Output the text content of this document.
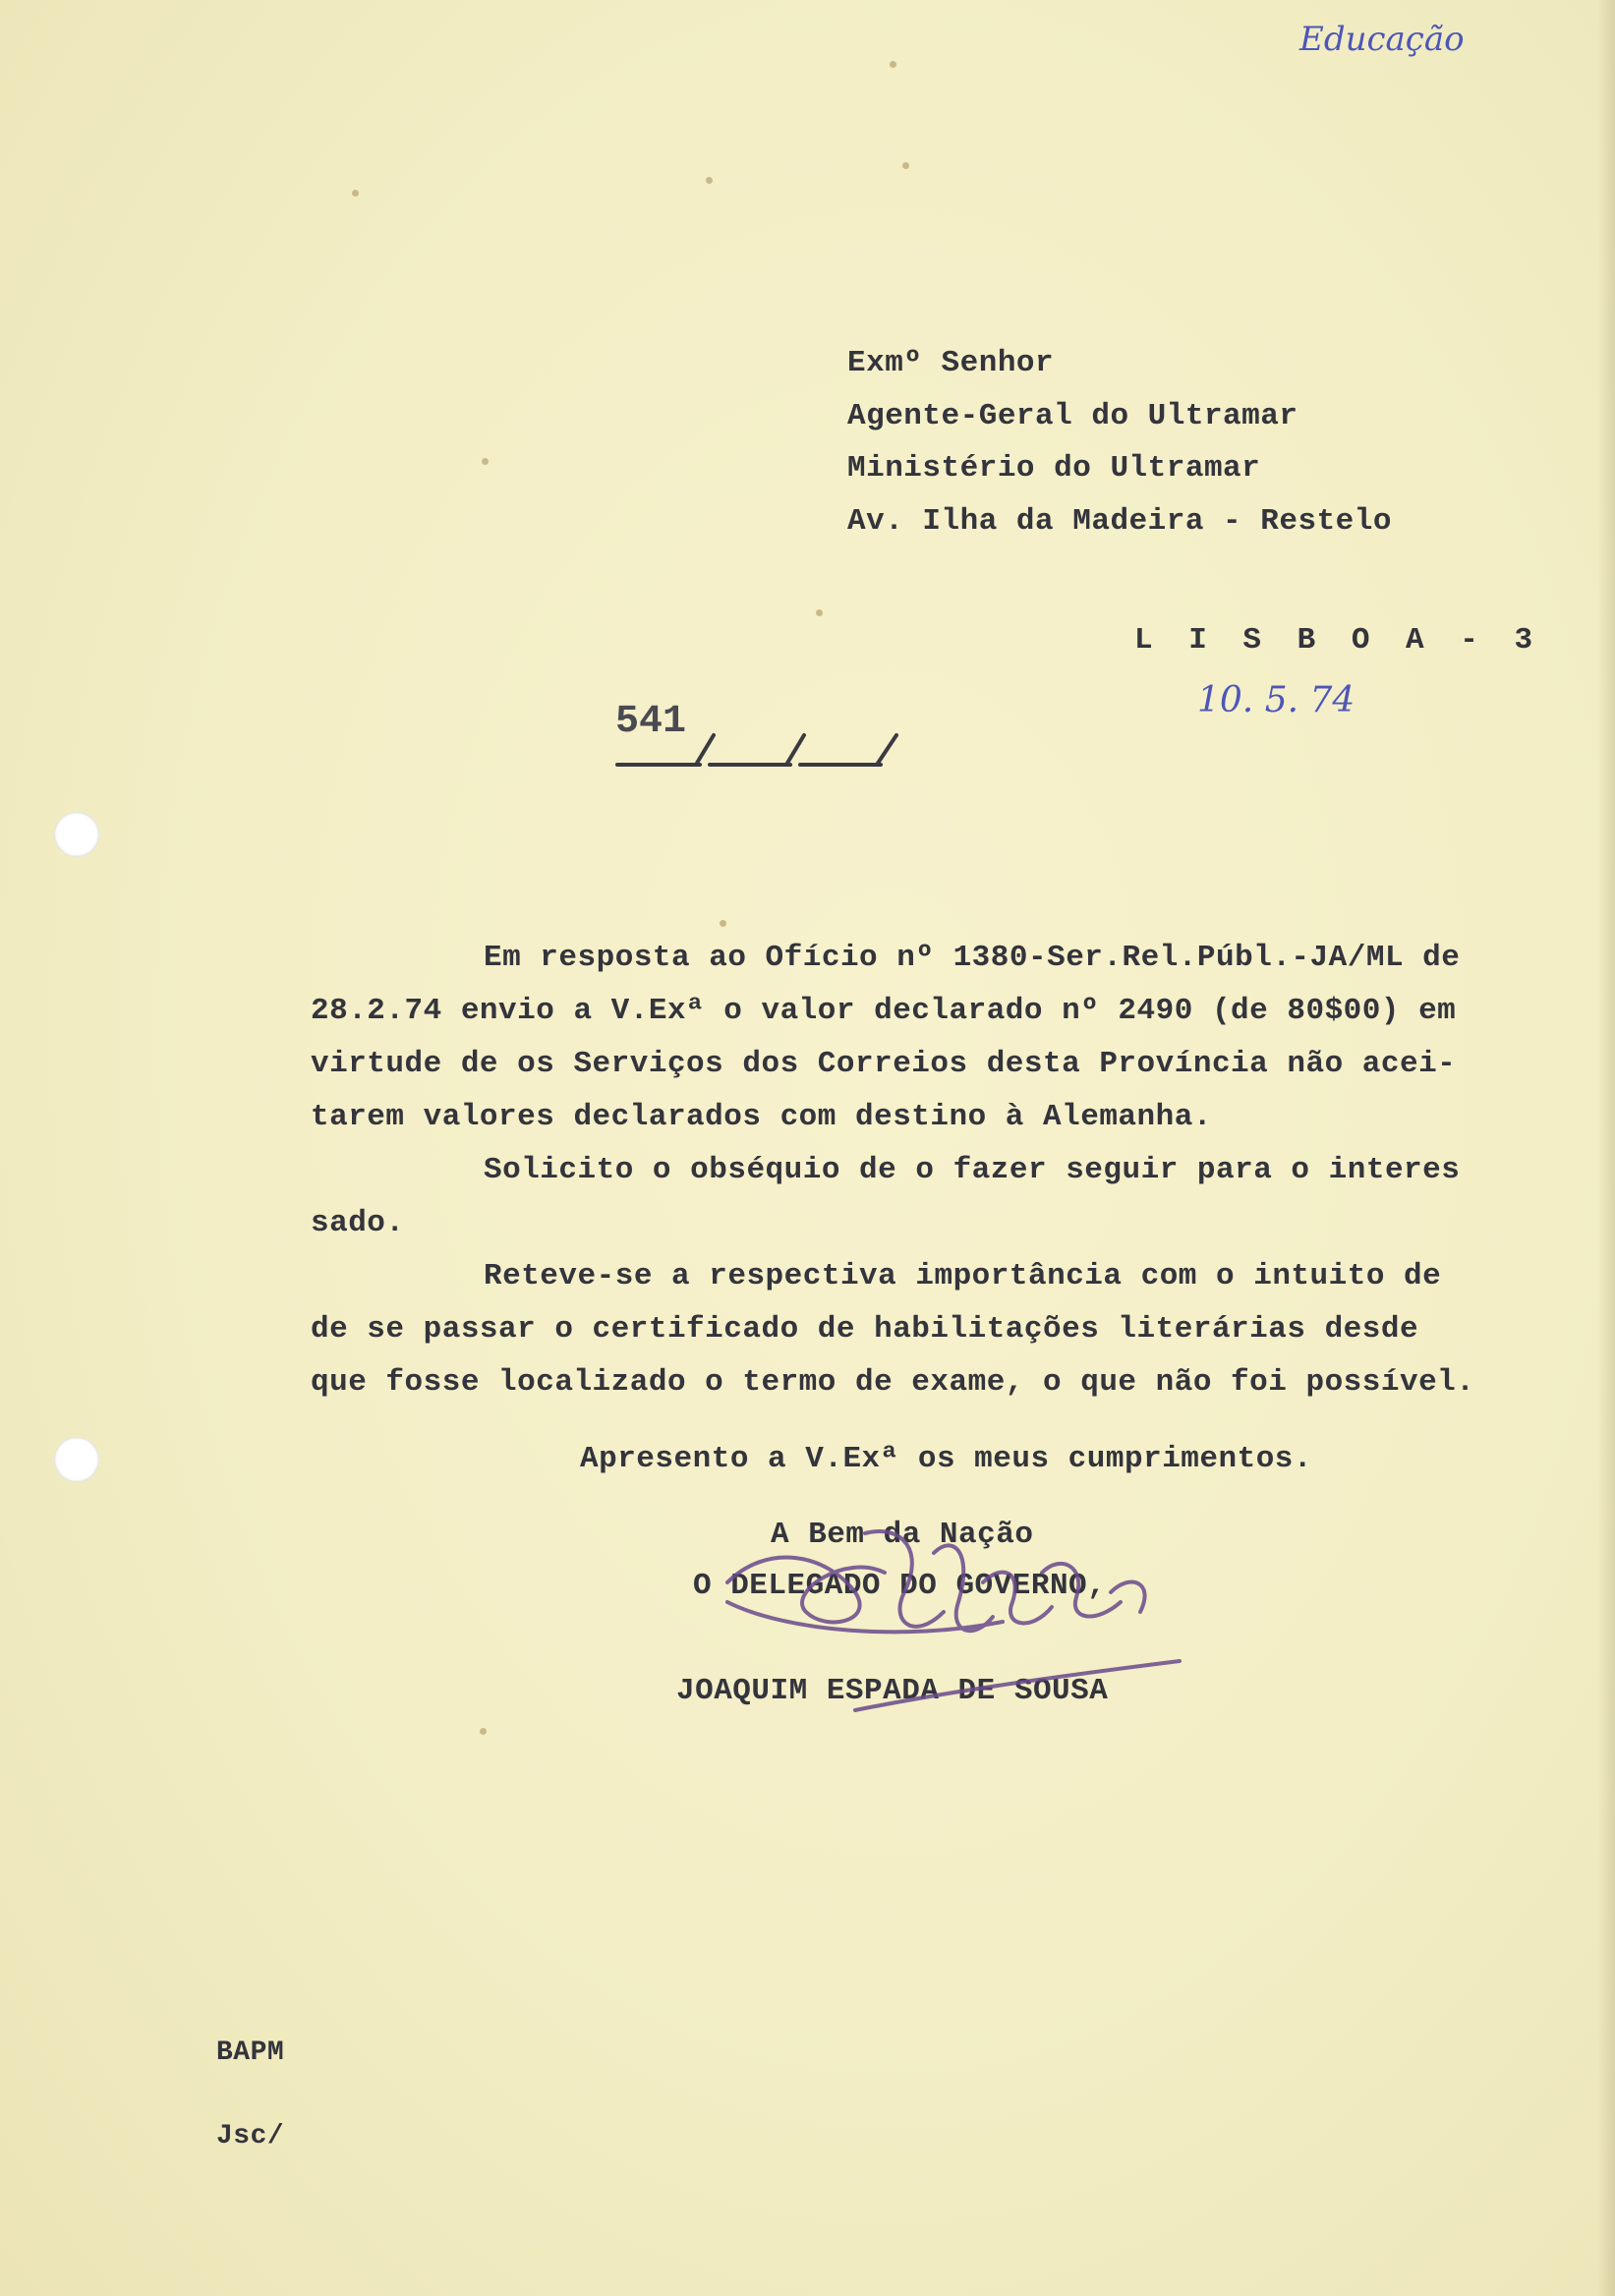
Educação
Exmº Senhor
Agente-Geral do Ultramar
Ministério do Ultramar
Av. Ilha da Madeira - Restelo
L I S B O A - 3
10. 5. 74
541
Em resposta ao Ofício nº 1380-Ser.Rel.Públ.-JA/ML de
28.2.74 envio a V.Exª o valor declarado nº 2490 (de 80$00) em
virtude de os Serviços dos Correios desta Província não acei-
tarem valores declarados com destino à Alemanha.
Solicito o obséquio de o fazer seguir para o interes
sado.
Reteve-se a respectiva importância com o intuito de
de se passar o certificado de habilitações literárias desde
que fosse localizado o termo de exame, o que não foi possível.
Apresento a V.Exª os meus cumprimentos.
A Bem da Nação
O DELEGADO DO GOVERNO,
JOAQUIM ESPADA DE SOUSA
BAPM
Jsc/
